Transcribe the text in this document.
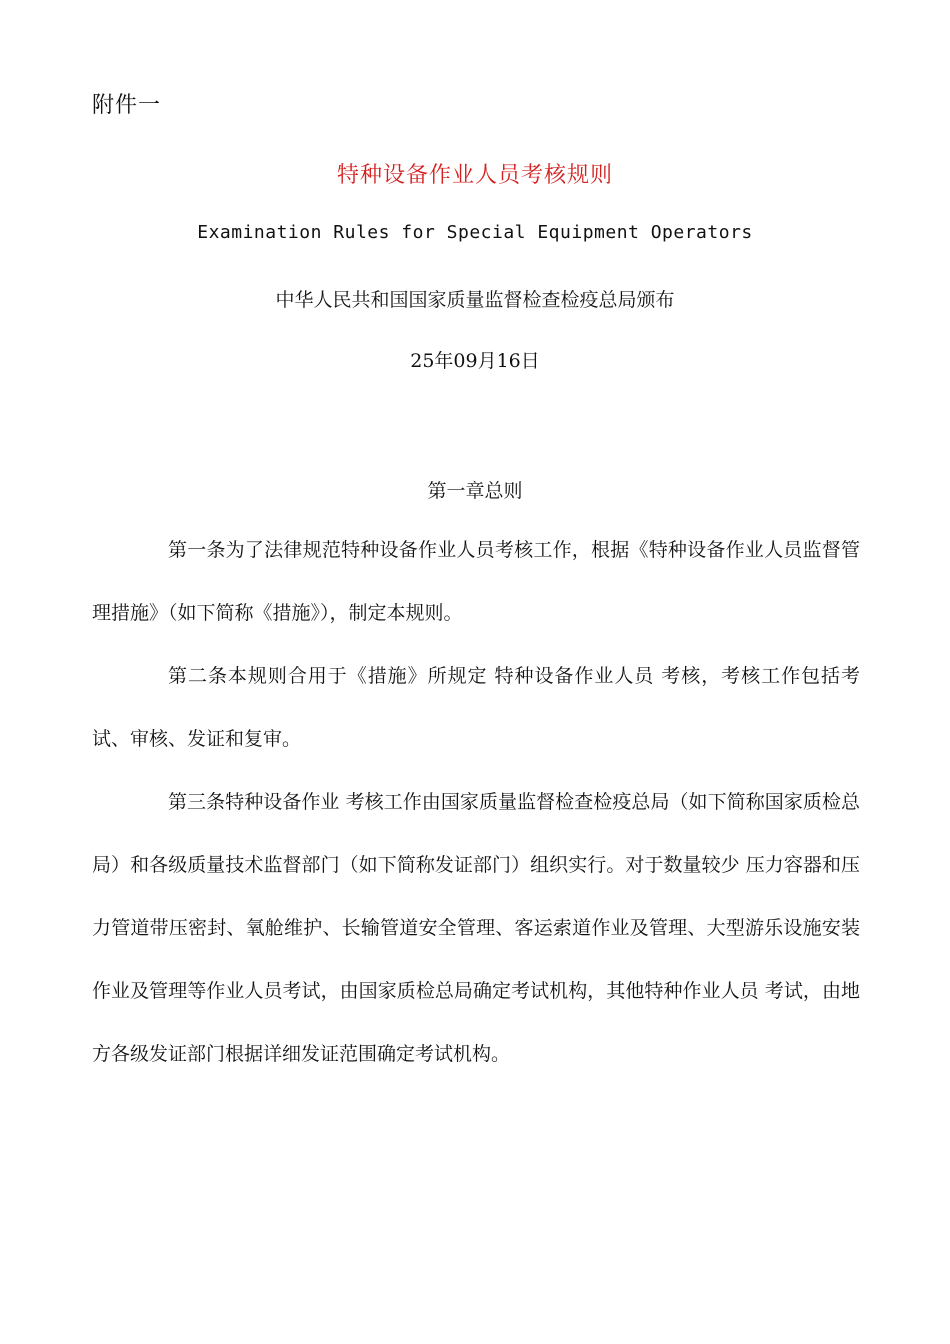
附件一
特种设备作业人员考核规则
Examination Rules for Special Equipment Operators
中华人民共和国国家质量监督检查检疫总局颁布
25年09月16日
第一章总则

第一条为了法律规范特种设备作业人员考核工作，根据《特种设备作业人员监督管理措施》（如下简称《措施》），制定本规则。

第二条本规则合用于《措施》所规定 特种设备作业人员 考核，考核工作包括考试、审核、发证和复审。

第三条特种设备作业 考核工作由国家质量监督检查检疫总局（如下简称国家质检总局）和各级质量技术监督部门（如下简称发证部门）组织实行。对于数量较少 压力容器和压力管道带压密封、氧舱维护、长输管道安全管理、客运索道作业及管理、大型游乐设施安装作业及管理等作业人员考试，由国家质检总局确定考试机构，其他特种作业人员 考试，由地方各级发证部门根据详细发证范围确定考试机构。
